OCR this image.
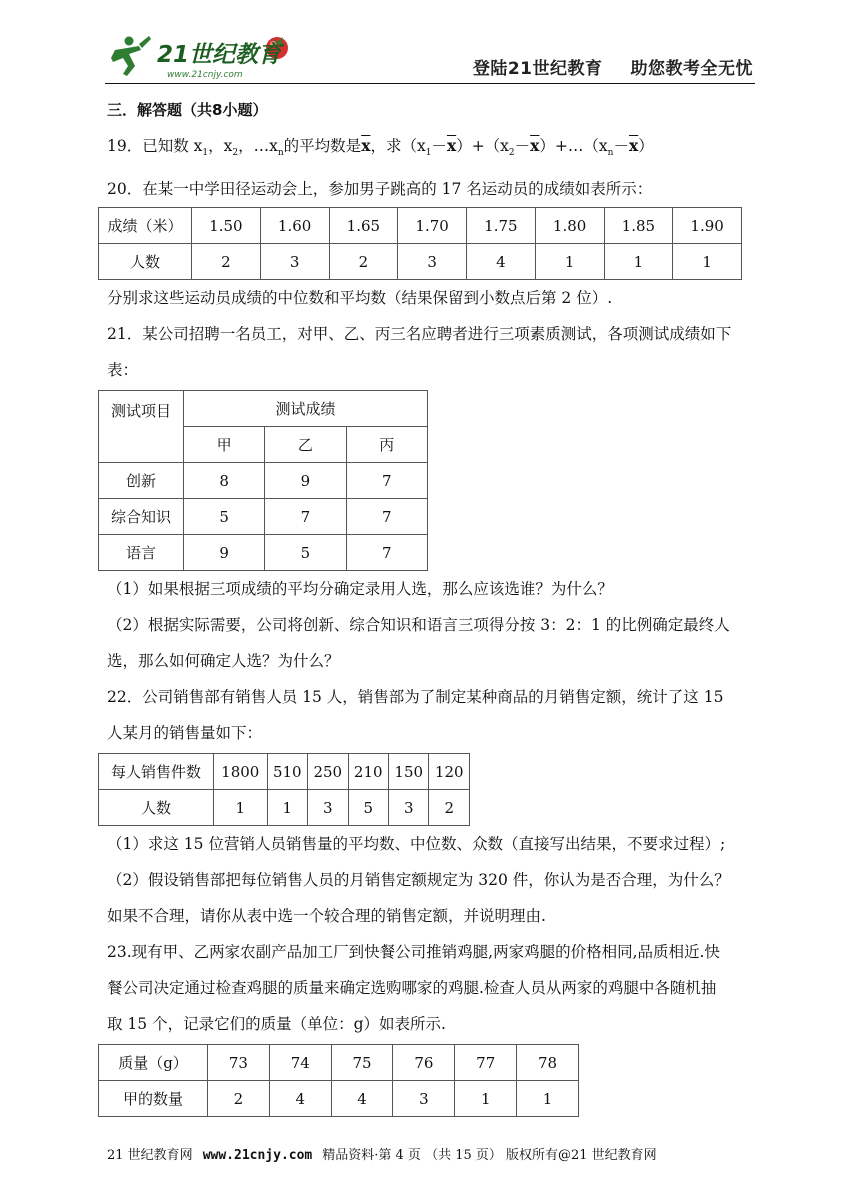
21世纪教育
www.21cnjy.com	登陆21世纪教育 助您教考全无忧
三．解答题（共8小题）
19．已知数 $x_1$，$x_2$，$\dots x_n$的平均数是$\overline{x}$，求$(x_1-\overline{x})+(x_2-\overline{x})+\dots(x_n-\overline{x})$
20．在某一中学田径运动会上，参加男子跳高的 17 名运动员的成绩如表所示：
成绩（米）	1.50	1.60	1.65	1.70	1.75	1.80	1.85	1.90
人数	2	3	2	3	4	1	1	1
分别求这些运动员成绩的中位数和平均数（结果保留到小数点后第 2 位）.
21．某公司招聘一名员工，对甲、乙、丙三名应聘者进行三项素质测试，各项测试成绩如下
表：
测试项目	测试成绩		
	甲	乙	丙
创新	8	9	7
综合知识	5	7	7
语言	9	5	7
（1）如果根据三项成绩的平均分确定录用人选，那么应该选谁？为什么？
（2）根据实际需要，公司将创新、综合知识和语言三项得分按 3：2：1 的比例确定最终人
选，那么如何确定人选？为什么？
22．公司销售部有销售人员 15 人，销售部为了制定某种商品的月销售定额，统计了这 15
人某月的销售量如下：
每人销售件数	1800	510	250	210	150	120
人数	1	1	3	5	3	2
（1）求这 15 位营销人员销售量的平均数、中位数、众数（直接写出结果，不要求过程）;
（2）假设销售部把每位销售人员的月销售定额规定为 320 件，你认为是否合理，为什么？
如果不合理，请你从表中选一个较合理的销售定额，并说明理由.
23.现有甲、乙两家农副产品加工厂到快餐公司推销鸡腿,两家鸡腿的价格相同,品质相近.快
餐公司决定通过检查鸡腿的质量来确定选购哪家的鸡腿.检查人员从两家的鸡腿中各随机抽
取 15 个，记录它们的质量（单位：g）如表所示.
质量（g）	73	74	75	76	77	78
甲的数量	2	4	4	3	1	1
21 世纪教育网 www.21cnjy.com 精品资料·第 4 页 （共 15 页） 版权所有@21 世纪教育网
